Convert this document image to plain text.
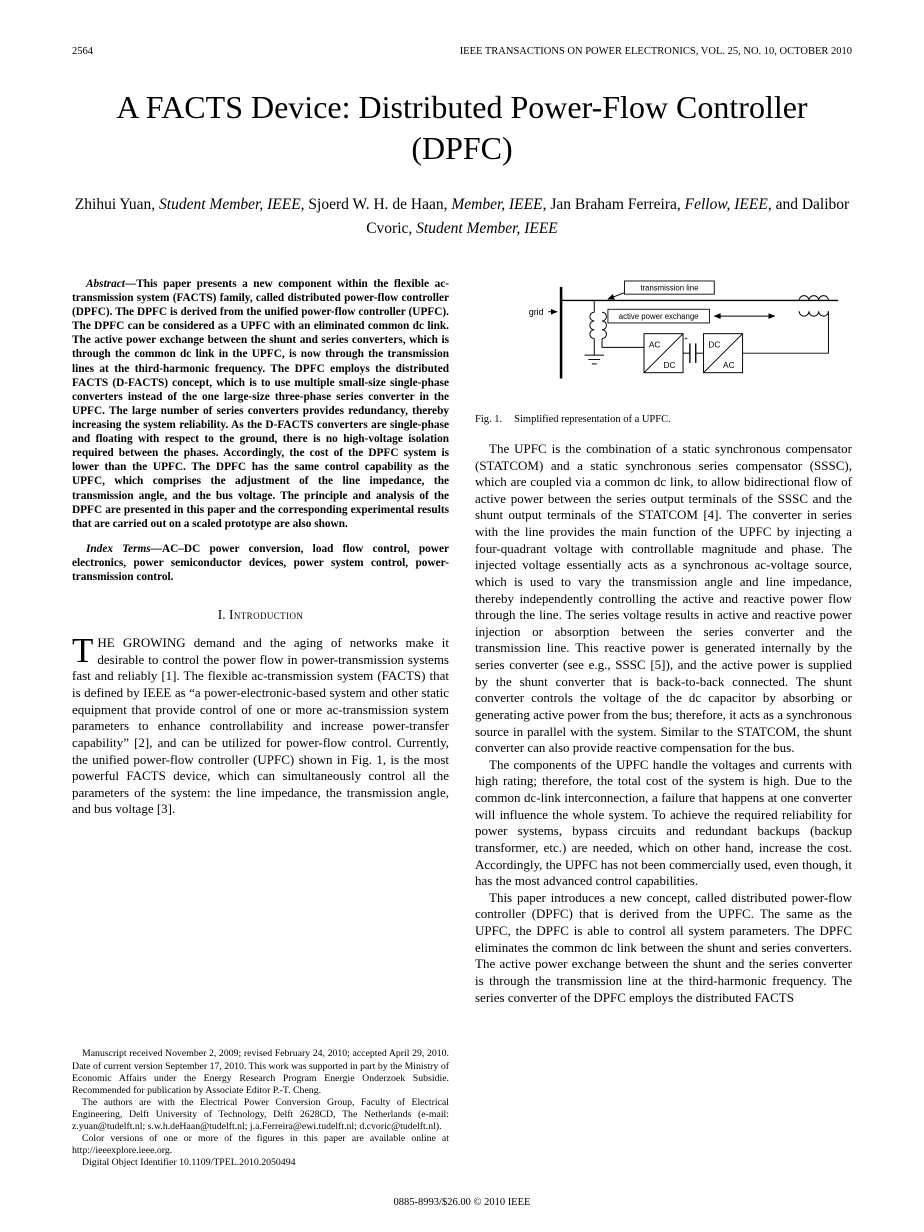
2564	IEEE TRANSACTIONS ON POWER ELECTRONICS, VOL. 25, NO. 10, OCTOBER 2010
A FACTS Device: Distributed Power-Flow Controller (DPFC)
Zhihui Yuan, Student Member, IEEE, Sjoerd W. H. de Haan, Member, IEEE, Jan Braham Ferreira, Fellow, IEEE, and Dalibor Cvoric, Student Member, IEEE

Abstract—This paper presents a new component within the flexible ac-transmission system (FACTS) family, called distributed power-flow controller (DPFC). The DPFC is derived from the unified power-flow controller (UPFC). The DPFC can be considered as a UPFC with an eliminated common dc link. The active power exchange between the shunt and series converters, which is through the common dc link in the UPFC, is now through the transmission lines at the third-harmonic frequency. The DPFC employs the distributed FACTS (D-FACTS) concept, which is to use multiple small-size single-phase converters instead of the one large-size three-phase series converter in the UPFC. The large number of series converters provides redundancy, thereby increasing the system reliability. As the D-FACTS converters are single-phase and floating with respect to the ground, there is no high-voltage isolation required between the phases. Accordingly, the cost of the DPFC system is lower than the UPFC. The DPFC has the same control capability as the UPFC, which comprises the adjustment of the line impedance, the transmission angle, and the bus voltage. The principle and analysis of the DPFC are presented in this paper and the corresponding experimental results that are carried out on a scaled prototype are also shown.

Index Terms—AC–DC power conversion, load flow control, power electronics, power semiconductor devices, power system control, power-transmission control.

I. Introduction

THE GROWING demand and the aging of networks make it desirable to control the power flow in power-transmission systems fast and reliably [1]. The flexible ac-transmission system (FACTS) that is defined by IEEE as “a power-electronic-based system and other static equipment that provide control of one or more ac-transmission system parameters to enhance controllability and increase power-transfer capability” [2], and can be utilized for power-flow control. Currently, the unified power-flow controller (UPFC) shown in Fig. 1, is the most powerful FACTS device, which can simultaneously control all the parameters of the system: the line impedance, the transmission angle, and bus voltage [3].

Manuscript received November 2, 2009; revised February 24, 2010; accepted April 29, 2010. Date of current version September 17, 2010. This work was supported in part by the Ministry of Economic Affairs under the Energy Research Program Energie Onderzoek Subsidie. Recommended for publication by Associate Editor P.-T. Cheng.

The authors are with the Electrical Power Conversion Group, Faculty of Electrical Engineering, Delft University of Technology, Delft 2628CD, The Netherlands (e-mail: z.yuan@tudelft.nl; s.w.h.deHaan@tudelft.nl; j.a.Ferreira@ewi.tudelft.nl; d.cvoric@tudelft.nl).

Color versions of one or more of the figures in this paper are available online at http://ieeexplore.ieee.org.

Digital Object Identifier 10.1109/TPEL.2010.2050494

grid
transmission line
active power exchange
AC
DC
DC
AC
+

Fig. 1. Simplified representation of a UPFC.

The UPFC is the combination of a static synchronous compensator (STATCOM) and a static synchronous series compensator (SSSC), which are coupled via a common dc link, to allow bidirectional flow of active power between the series output terminals of the SSSC and the shunt output terminals of the STATCOM [4]. The converter in series with the line provides the main function of the UPFC by injecting a four-quadrant voltage with controllable magnitude and phase. The injected voltage essentially acts as a synchronous ac-voltage source, which is used to vary the transmission angle and line impedance, thereby independently controlling the active and reactive power flow through the line. The series voltage results in active and reactive power injection or absorption between the series converter and the transmission line. This reactive power is generated internally by the series converter (see e.g., SSSC [5]), and the active power is supplied by the shunt converter that is back-to-back connected. The shunt converter controls the voltage of the dc capacitor by absorbing or generating active power from the bus; therefore, it acts as a synchronous source in parallel with the system. Similar to the STATCOM, the shunt converter can also provide reactive compensation for the bus.

The components of the UPFC handle the voltages and currents with high rating; therefore, the total cost of the system is high. Due to the common dc-link interconnection, a failure that happens at one converter will influence the whole system. To achieve the required reliability for power systems, bypass circuits and redundant backups (backup transformer, etc.) are needed, which on other hand, increase the cost. Accordingly, the UPFC has not been commercially used, even though, it has the most advanced control capabilities.

This paper introduces a new concept, called distributed power-flow controller (DPFC) that is derived from the UPFC. The same as the UPFC, the DPFC is able to control all system parameters. The DPFC eliminates the common dc link between the shunt and series converters. The active power exchange between the shunt and the series converter is through the transmission line at the third-harmonic frequency. The series converter of the DPFC employs the distributed FACTS

0885-8993/$26.00 © 2010 IEEE
